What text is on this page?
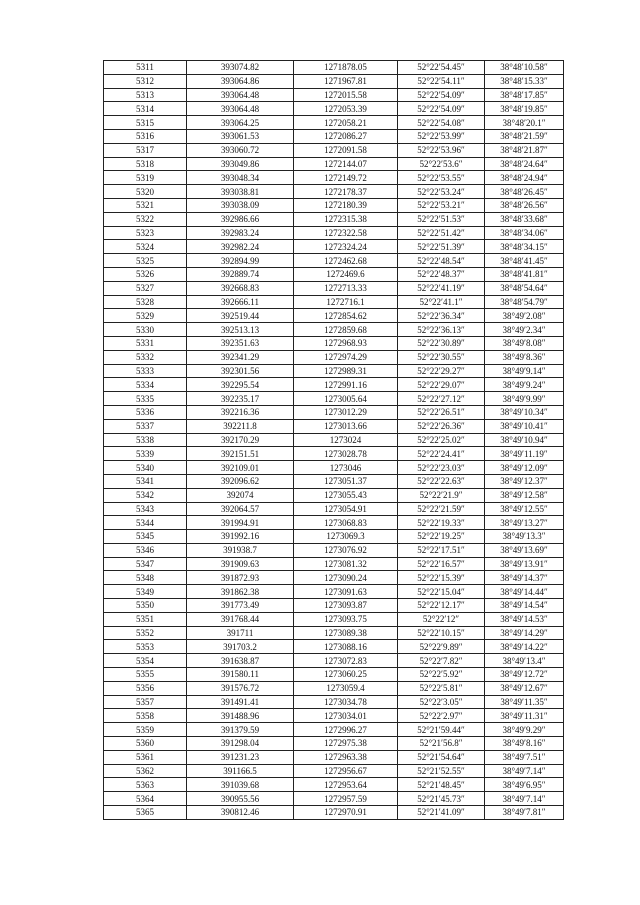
5311	393074.82	1271878.05	52°22′54.45″	38°48′10.58″
5312	393064.86	1271967.81	52°22′54.11″	38°48′15.33″
5313	393064.48	1272015.58	52°22′54.09″	38°48′17.85″
5314	393064.48	1272053.39	52°22′54.09″	38°48′19.85″
5315	393064.25	1272058.21	52°22′54.08″	38°48′20.1″
5316	393061.53	1272086.27	52°22′53.99″	38°48′21.59″
5317	393060.72	1272091.58	52°22′53.96″	38°48′21.87″
5318	393049.86	1272144.07	52°22′53.6″	38°48′24.64″
5319	393048.34	1272149.72	52°22′53.55″	38°48′24.94″
5320	393038.81	1272178.37	52°22′53.24″	38°48′26.45″
5321	393038.09	1272180.39	52°22′53.21″	38°48′26.56″
5322	392986.66	1272315.38	52°22′51.53″	38°48′33.68″
5323	392983.24	1272322.58	52°22′51.42″	38°48′34.06″
5324	392982.24	1272324.24	52°22′51.39″	38°48′34.15″
5325	392894.99	1272462.68	52°22′48.54″	38°48′41.45″
5326	392889.74	1272469.6	52°22′48.37″	38°48′41.81″
5327	392668.83	1272713.33	52°22′41.19″	38°48′54.64″
5328	392666.11	1272716.1	52°22′41.1″	38°48′54.79″
5329	392519.44	1272854.62	52°22′36.34″	38°49′2.08″
5330	392513.13	1272859.68	52°22′36.13″	38°49′2.34″
5331	392351.63	1272968.93	52°22′30.89″	38°49′8.08″
5332	392341.29	1272974.29	52°22′30.55″	38°49′8.36″
5333	392301.56	1272989.31	52°22′29.27″	38°49′9.14″
5334	392295.54	1272991.16	52°22′29.07″	38°49′9.24″
5335	392235.17	1273005.64	52°22′27.12″	38°49′9.99″
5336	392216.36	1273012.29	52°22′26.51″	38°49′10.34″
5337	392211.8	1273013.66	52°22′26.36″	38°49′10.41″
5338	392170.29	1273024	52°22′25.02″	38°49′10.94″
5339	392151.51	1273028.78	52°22′24.41″	38°49′11.19″
5340	392109.01	1273046	52°22′23.03″	38°49′12.09″
5341	392096.62	1273051.37	52°22′22.63″	38°49′12.37″
5342	392074	1273055.43	52°22′21.9″	38°49′12.58″
5343	392064.57	1273054.91	52°22′21.59″	38°49′12.55″
5344	391994.91	1273068.83	52°22′19.33″	38°49′13.27″
5345	391992.16	1273069.3	52°22′19.25″	38°49′13.3″
5346	391938.7	1273076.92	52°22′17.51″	38°49′13.69″
5347	391909.63	1273081.32	52°22′16.57″	38°49′13.91″
5348	391872.93	1273090.24	52°22′15.39″	38°49′14.37″
5349	391862.38	1273091.63	52°22′15.04″	38°49′14.44″
5350	391773.49	1273093.87	52°22′12.17″	38°49′14.54″
5351	391768.44	1273093.75	52°22′12″	38°49′14.53″
5352	391711	1273089.38	52°22′10.15″	38°49′14.29″
5353	391703.2	1273088.16	52°22′9.89″	38°49′14.22″
5354	391638.87	1273072.83	52°22′7.82″	38°49′13.4″
5355	391580.11	1273060.25	52°22′5.92″	38°49′12.72″
5356	391576.72	1273059.4	52°22′5.81″	38°49′12.67″
5357	391491.41	1273034.78	52°22′3.05″	38°49′11.35″
5358	391488.96	1273034.01	52°22′2.97″	38°49′11.31″
5359	391379.59	1272996.27	52°21′59.44″	38°49′9.29″
5360	391298.04	1272975.38	52°21′56.8″	38°49′8.16″
5361	391231.23	1272963.38	52°21′54.64″	38°49′7.51″
5362	391166.5	1272956.67	52°21′52.55″	38°49′7.14″
5363	391039.68	1272953.64	52°21′48.45″	38°49′6.95″
5364	390955.56	1272957.59	52°21′45.73″	38°49′7.14″
5365	390812.46	1272970.91	52°21′41.09″	38°49′7.81″
